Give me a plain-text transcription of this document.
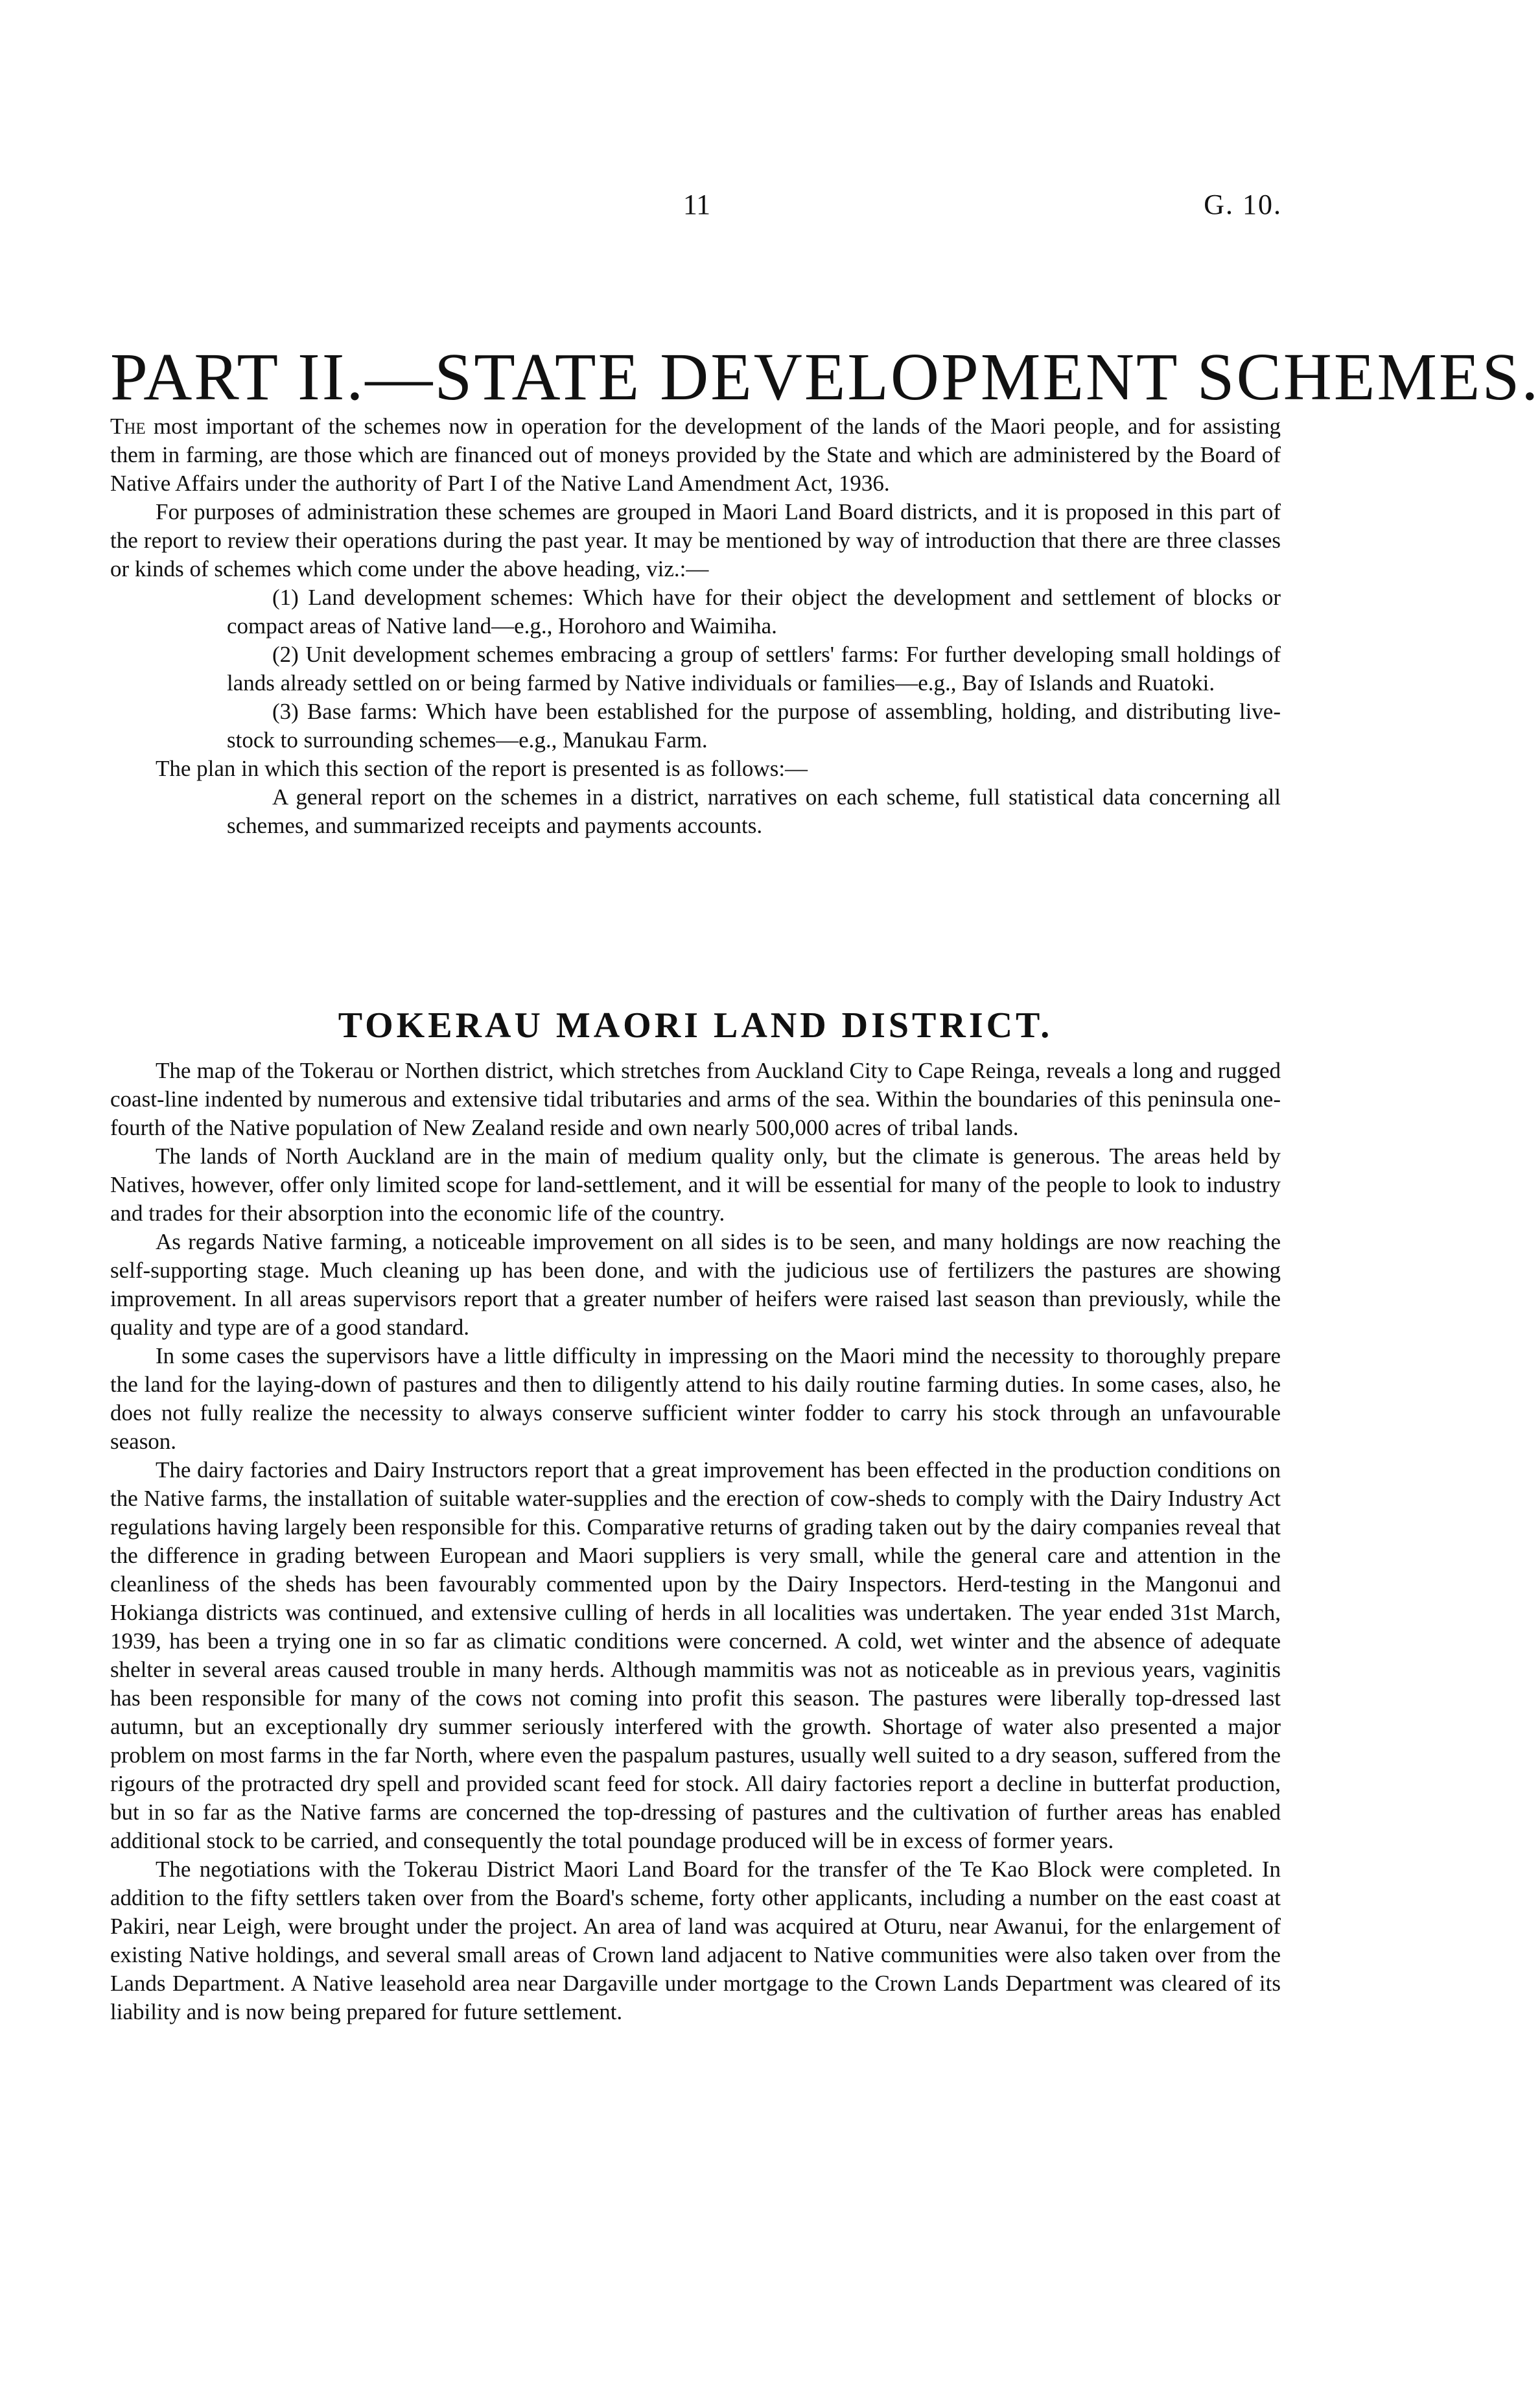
11	G. 10.
PART II.—STATE DEVELOPMENT SCHEMES.

The most important of the schemes now in operation for the development of the lands of the Maori people, and for assisting them in farming, are those which are financed out of moneys provided by the State and which are administered by the Board of Native Affairs under the authority of Part I of the Native Land Amendment Act, 1936.

For purposes of administration these schemes are grouped in Maori Land Board districts, and it is proposed in this part of the report to review their operations during the past year. It may be mentioned by way of introduction that there are three classes or kinds of schemes which come under the above heading, viz.:—

(1) Land development schemes: Which have for their object the development and settlement of blocks or compact areas of Native land—e.g., Horohoro and Waimiha.

(2) Unit development schemes embracing a group of settlers' farms: For further developing small holdings of lands already settled on or being farmed by Native individuals or families—e.g., Bay of Islands and Ruatoki.

(3) Base farms: Which have been established for the purpose of assembling, holding, and distributing live-stock to surrounding schemes—e.g., Manukau Farm.

The plan in which this section of the report is presented is as follows:—

A general report on the schemes in a district, narratives on each scheme, full statistical data concerning all schemes, and summarized receipts and payments accounts.

TOKERAU MAORI LAND DISTRICT.

The map of the Tokerau or Northen district, which stretches from Auckland City to Cape Reinga, reveals a long and rugged coast-line indented by numerous and extensive tidal tributaries and arms of the sea. Within the boundaries of this peninsula one-fourth of the Native population of New Zealand reside and own nearly 500,000 acres of tribal lands.

The lands of North Auckland are in the main of medium quality only, but the climate is generous. The areas held by Natives, however, offer only limited scope for land-settlement, and it will be essential for many of the people to look to industry and trades for their absorption into the economic life of the country.

As regards Native farming, a noticeable improvement on all sides is to be seen, and many holdings are now reaching the self-supporting stage. Much cleaning up has been done, and with the judicious use of fertilizers the pastures are showing improvement. In all areas supervisors report that a greater number of heifers were raised last season than previously, while the quality and type are of a good standard.

In some cases the supervisors have a little difficulty in impressing on the Maori mind the necessity to thoroughly prepare the land for the laying-down of pastures and then to diligently attend to his daily routine farming duties. In some cases, also, he does not fully realize the necessity to always conserve sufficient winter fodder to carry his stock through an unfavourable season.

The dairy factories and Dairy Instructors report that a great improvement has been effected in the production conditions on the Native farms, the installation of suitable water-supplies and the erection of cow-sheds to comply with the Dairy Industry Act regulations having largely been responsible for this. Comparative returns of grading taken out by the dairy companies reveal that the difference in grading between European and Maori suppliers is very small, while the general care and attention in the cleanliness of the sheds has been favourably commented upon by the Dairy Inspectors. Herd-testing in the Mangonui and Hokianga districts was continued, and extensive culling of herds in all localities was undertaken. The year ended 31st March, 1939, has been a trying one in so far as climatic conditions were concerned. A cold, wet winter and the absence of adequate shelter in several areas caused trouble in many herds. Although mammitis was not as noticeable as in previous years, vaginitis has been responsible for many of the cows not coming into profit this season. The pastures were liberally top-dressed last autumn, but an exceptionally dry summer seriously interfered with the growth. Shortage of water also presented a major problem on most farms in the far North, where even the paspalum pastures, usually well suited to a dry season, suffered from the rigours of the protracted dry spell and provided scant feed for stock. All dairy factories report a decline in butterfat production, but in so far as the Native farms are concerned the top-dressing of pastures and the cultivation of further areas has enabled additional stock to be carried, and consequently the total poundage produced will be in excess of former years.

The negotiations with the Tokerau District Maori Land Board for the transfer of the Te Kao Block were completed. In addition to the fifty settlers taken over from the Board's scheme, forty other applicants, including a number on the east coast at Pakiri, near Leigh, were brought under the project. An area of land was acquired at Oturu, near Awanui, for the enlargement of existing Native holdings, and several small areas of Crown land adjacent to Native communities were also taken over from the Lands Department. A Native leasehold area near Dargaville under mortgage to the Crown Lands Department was cleared of its liability and is now being prepared for future settlement.
